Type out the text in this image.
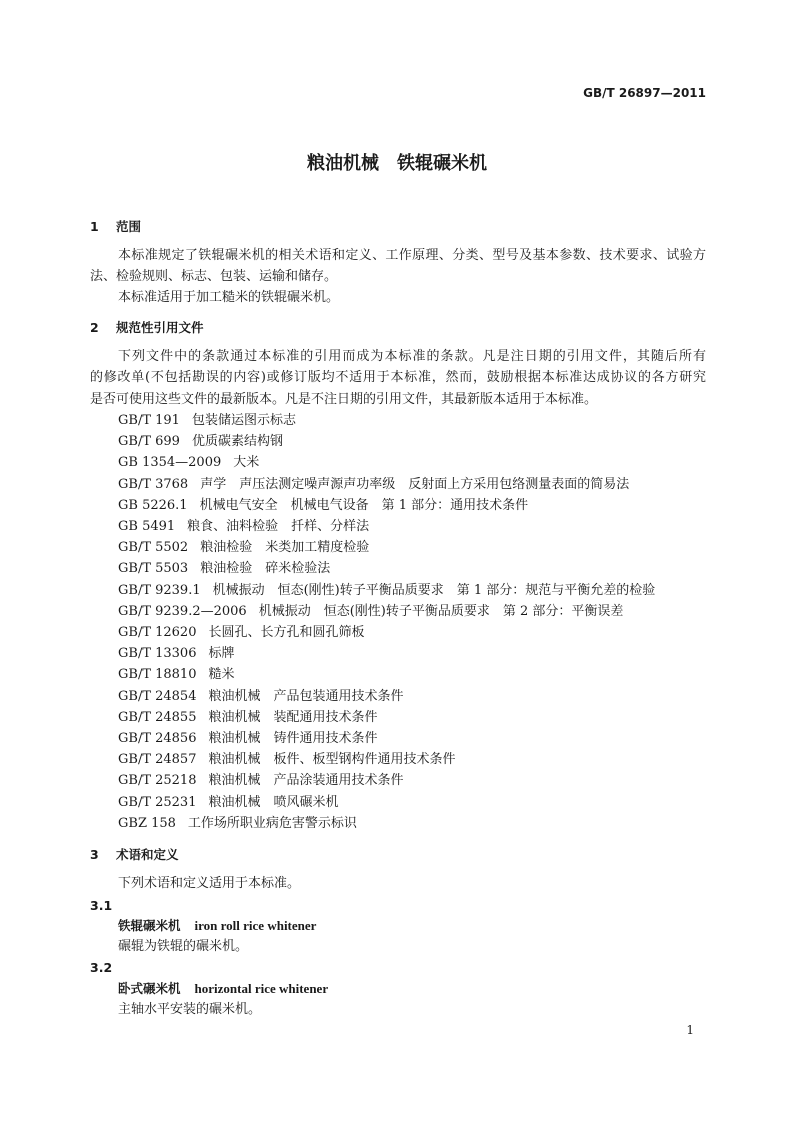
GB/T 26897—2011
粮油机械　铁辊碾米机
1 范围
本标准规定了铁辊碾米机的相关术语和定义、工作原理、分类、型号及基本参数、技术要求、试验方
法、检验规则、标志、包装、运输和储存。
本标准适用于加工糙米的铁辊碾米机。
2 规范性引用文件
下列文件中的条款通过本标准的引用而成为本标准的条款。凡是注日期的引用文件，其随后所有
的修改单(不包括勘误的内容)或修订版均不适用于本标准，然而，鼓励根据本标准达成协议的各方研究
是否可使用这些文件的最新版本。凡是不注日期的引用文件，其最新版本适用于本标准。
GB/T 191 包装储运图示标志
GB/T 699 优质碳素结构钢
GB 1354—2009 大米
GB/T 3768 声学　声压法测定噪声源声功率级　反射面上方采用包络测量表面的简易法
GB 5226.1 机械电气安全　机械电气设备　第 1 部分：通用技术条件
GB 5491 粮食、油料检验　扦样、分样法
GB/T 5502 粮油检验　米类加工精度检验
GB/T 5503 粮油检验　碎米检验法
GB/T 9239.1 机械振动　恒态(刚性)转子平衡品质要求　第 1 部分：规范与平衡允差的检验
GB/T 9239.2—2006 机械振动　恒态(刚性)转子平衡品质要求　第 2 部分：平衡误差
GB/T 12620 长圆孔、长方孔和圆孔筛板
GB/T 13306 标牌
GB/T 18810 糙米
GB/T 24854 粮油机械　产品包装通用技术条件
GB/T 24855 粮油机械　装配通用技术条件
GB/T 24856 粮油机械　铸件通用技术条件
GB/T 24857 粮油机械　板件、板型钢构件通用技术条件
GB/T 25218 粮油机械　产品涂装通用技术条件
GB/T 25231 粮油机械　喷风碾米机
GBZ 158 工作场所职业病危害警示标识
3 术语和定义
下列术语和定义适用于本标准。
3.1
铁辊碾米机 iron roll rice whitener
碾辊为铁辊的碾米机。
3.2
卧式碾米机 horizontal rice whitener
主轴水平安装的碾米机。
1
